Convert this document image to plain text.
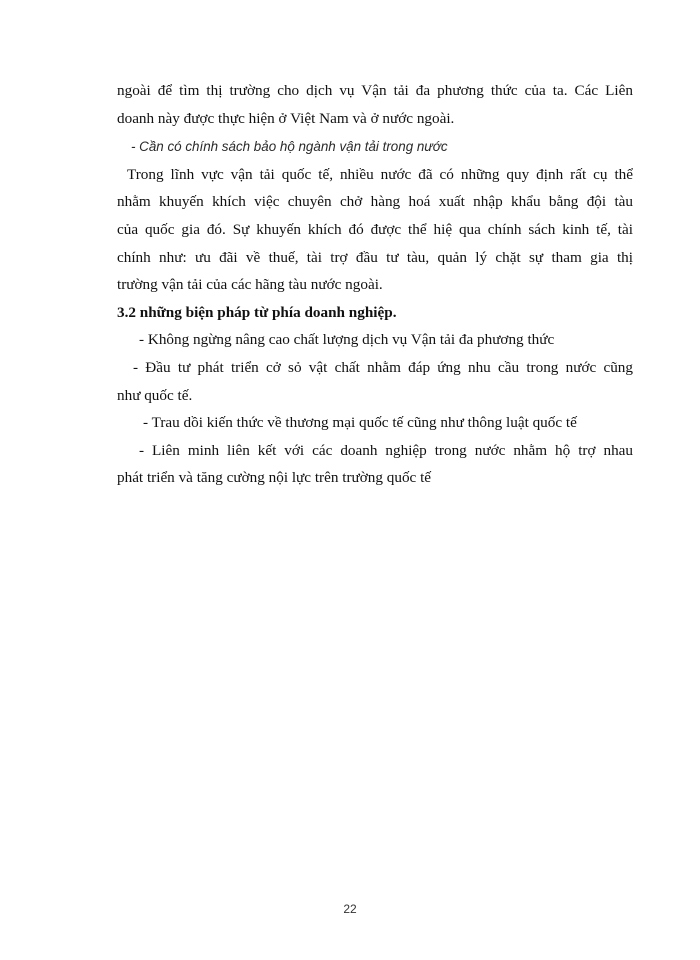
ngoài để tìm thị trường cho dịch vụ Vận tải đa phương thức của ta. Các Liên

doanh này được thực hiện ở Việt Nam và ở nước ngoài.

- Cần có chính sách bảo hộ ngành vận tải trong nước

Trong lĩnh vực vận tải quốc tế, nhiều nước đã có những quy định rất cụ thể

nhằm khuyến khích việc chuyên chở hàng hoá xuất nhập khẩu bằng đội tàu

của quốc gia đó. Sự khuyến khích đó được thể hiệ qua chính sách kinh tế, tài

chính như: ưu đãi về thuế, tài trợ đầu tư tàu, quản lý chặt sự tham gia thị

trường vận tải của các hãng tàu nước ngoài.

3.2 những biện pháp từ phía doanh nghiệp.

- Không ngừng nâng cao chất lượng dịch vụ Vận tải đa phương thức

- Đầu tư phát triển cở sỏ vật chất nhằm đáp ứng nhu cầu trong nước cũng

như quốc tế.

- Trau dồi kiến thức về thương mại quốc tế cũng như thông luật quốc tế

- Liên minh liên kết với các doanh nghiệp trong nước nhằm hộ trợ nhau

phát triển và tăng cường nội lực trên trường quốc tế

22
